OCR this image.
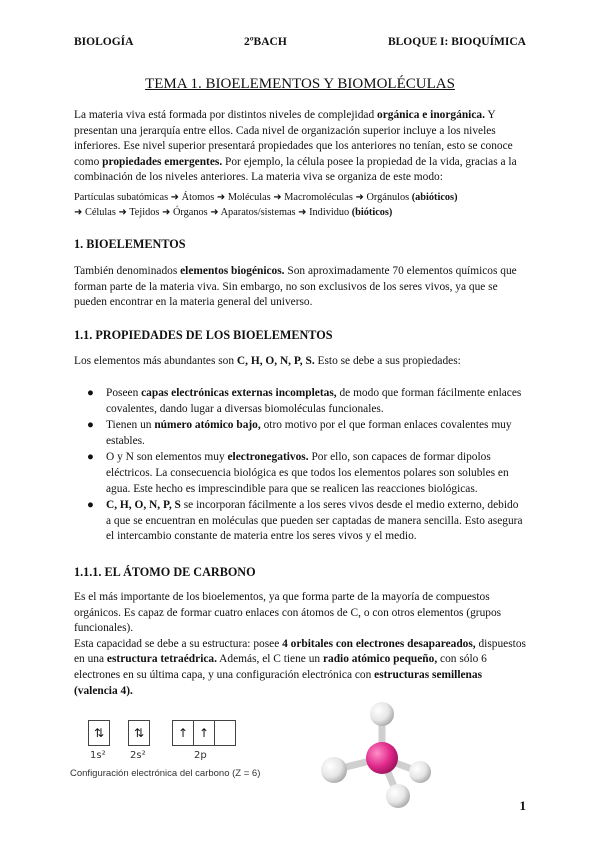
BIOLOGÍA	2ºBACH	BLOQUE I: BIOQUÍMICA
TEMA 1. BIOELEMENTOS Y BIOMOLÉCULAS

La materia viva está formada por distintos niveles de complejidad orgánica e inorgánica. Y presentan una jerarquía entre ellos. Cada nivel de organización superior incluye a los niveles inferiores. Ese nivel superior presentará propiedades que los anteriores no tenían, esto se conoce como propiedades emergentes. Por ejemplo, la célula posee la propiedad de la vida, gracias a la combinación de los niveles anteriores. La materia viva se organiza de este modo:

Partículas subatómicas ➜ Átomos ➜ Moléculas ➜ Macromoléculas ➜ Orgánulos (abióticos)

➜ Células ➜ Tejidos ➜ Órganos ➜ Aparatos/sistemas ➜ Individuo (bióticos)

1. BIOELEMENTOS

También denominados elementos biogénicos. Son aproximadamente 70 elementos químicos que forman parte de la materia viva. Sin embargo, no son exclusivos de los seres vivos, ya que se pueden encontrar en la materia general del universo.

1.1. PROPIEDADES DE LOS BIOELEMENTOS

Los elementos más abundantes son C, H, O, N, P, S. Esto se debe a sus propiedades:

● Poseen capas electrónicas externas incompletas, de modo que forman fácilmente enlaces covalentes, dando lugar a diversas biomoléculas funcionales.
● Tienen un número atómico bajo, otro motivo por el que forman enlaces covalentes muy estables.
● O y N son elementos muy electronegativos. Por ello, son capaces de formar dipolos eléctricos. La consecuencia biológica es que todos los elementos polares son solubles en agua. Este hecho es imprescindible para que se realicen las reacciones biológicas.
● C, H, O, N, P, S se incorporan fácilmente a los seres vivos desde el medio externo, debido a que se encuentran en moléculas que pueden ser captadas de manera sencilla. Esto asegura el intercambio constante de materia entre los seres vivos y el medio.
1.1.1. EL ÁTOMO DE CARBONO

Es el más importante de los bioelementos, ya que forma parte de la mayoría de compuestos orgánicos. Es capaz de formar cuatro enlaces con átomos de C, o con otros elementos (grupos funcionales).

Esta capacidad se debe a su estructura: posee 4 orbitales con electrones desapareados, dispuestos en una estructura tetraédrica. Además, el C tiene un radio atómico pequeño, con sólo 6 electrones en su última capa, y una configuración electrónica con estructuras semillenas (valencia 4).

⇅	⇅	↑ ↑
1s² 2s²	2p
Configuración electrónica del carbono (Z = 6)
1
